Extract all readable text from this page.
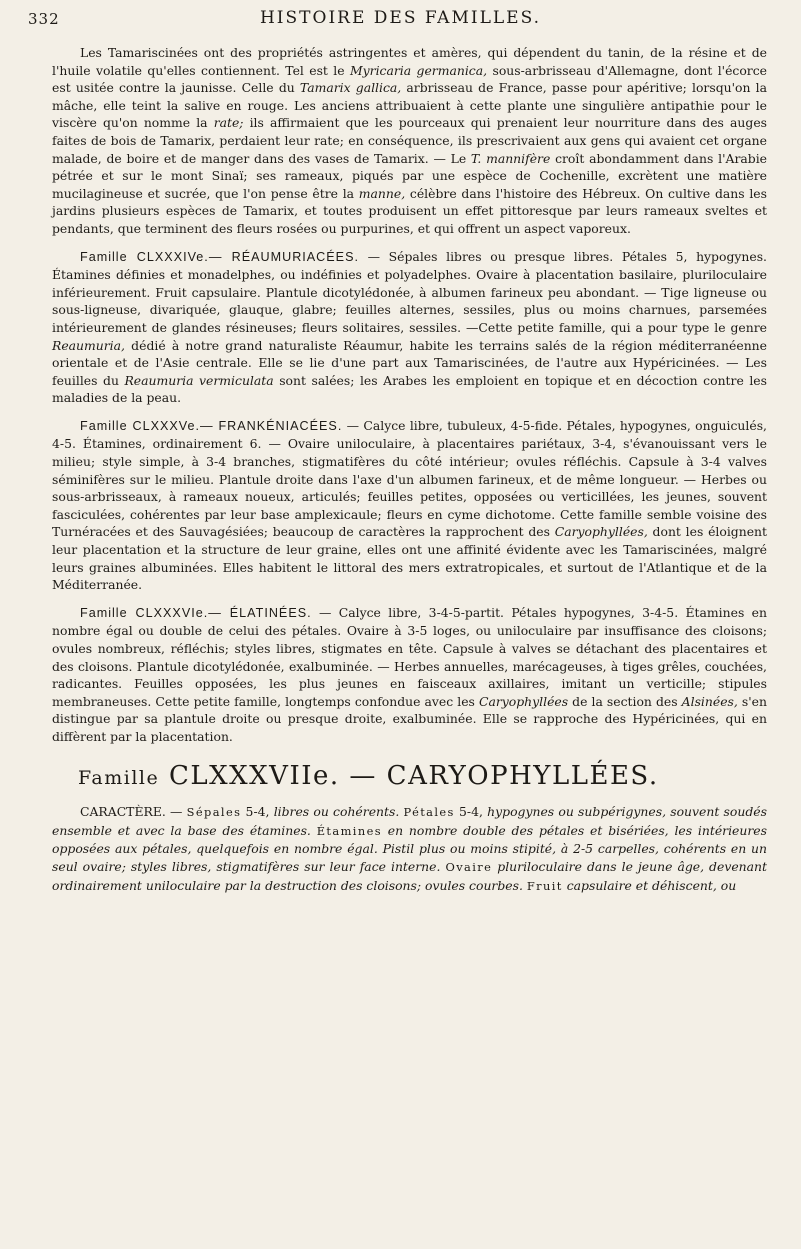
332	HISTOIRE DES FAMILLES.

Les Tamariscinées ont des propriétés astringentes et amères, qui dépendent du tanin, de la résine et de l'huile volatile qu'elles contiennent. Tel est le Myricaria germanica, sous-arbrisseau d'Allemagne, dont l'écorce est usitée contre la jaunisse. Celle du Tamarix gallica, arbrisseau de France, passe pour apéritive; lorsqu'on la mâche, elle teint la salive en rouge. Les anciens attribuaient à cette plante une singulière antipathie pour le viscère qu'on nomme la rate; ils affirmaient que les pourceaux qui prenaient leur nourriture dans des auges faites de bois de Tamarix, perdaient leur rate; en conséquence, ils prescrivaient aux gens qui avaient cet organe malade, de boire et de manger dans des vases de Tamarix. — Le T. mannifère croît abondamment dans l'Arabie pétrée et sur le mont Sinaï; ses rameaux, piqués par une espèce de Cochenille, excrètent une matière mucilagineuse et sucrée, que l'on pense être la manne, célèbre dans l'histoire des Hébreux. On cultive dans les jardins plusieurs espèces de Tamarix, et toutes produisent un effet pittoresque par leurs rameaux sveltes et pendants, que terminent des fleurs rosées ou purpurines, et qui offrent un aspect vaporeux.

Famille CLXXXIVe.— RÉAUMURIACÉES. — Sépales libres ou presque libres. Pétales 5, hypogynes. Étamines définies et monadelphes, ou indéfinies et polyadelphes. Ovaire à placentation basilaire, pluriloculaire inférieurement. Fruit capsulaire. Plantule dicotylédonée, à albumen farineux peu abondant. — Tige ligneuse ou sous-ligneuse, divariquée, glauque, glabre; feuilles alternes, sessiles, plus ou moins charnues, parsemées intérieurement de glandes résineuses; fleurs solitaires, sessiles. —Cette petite famille, qui a pour type le genre Reaumuria, dédié à notre grand naturaliste Réaumur, habite les terrains salés de la région méditerranéenne orientale et de l'Asie centrale. Elle se lie d'une part aux Tamariscinées, de l'autre aux Hypéricinées. — Les feuilles du Reaumuria vermiculata sont salées; les Arabes les emploient en topique et en décoction contre les maladies de la peau.

Famille CLXXXVe.— FRANKÉNIACÉES. — Calyce libre, tubuleux, 4-5-fide. Pétales, hypogynes, onguiculés, 4-5. Étamines, ordinairement 6. — Ovaire uniloculaire, à placentaires pariétaux, 3-4, s'évanouissant vers le milieu; style simple, à 3-4 branches, stigmatifères du côté intérieur; ovules réfléchis. Capsule à 3-4 valves séminifères sur le milieu. Plantule droite dans l'axe d'un albumen farineux, et de même longueur. — Herbes ou sous-arbrisseaux, à rameaux noueux, articulés; feuilles petites, opposées ou verticillées, les jeunes, souvent fasciculées, cohérentes par leur base amplexicaule; fleurs en cyme dichotome. Cette famille semble voisine des Turnéracées et des Sauvagésiées; beaucoup de caractères la rapprochent des Caryophyllées, dont les éloignent leur placentation et la structure de leur graine, elles ont une affinité évidente avec les Tamariscinées, malgré leurs graines albuminées. Elles habitent le littoral des mers extratropicales, et surtout de l'Atlantique et de la Méditerranée.

Famille CLXXXVIe.— ÉLATINÉES. — Calyce libre, 3-4-5-partit. Pétales hypogynes, 3-4-5. Étamines en nombre égal ou double de celui des pétales. Ovaire à 3-5 loges, ou uniloculaire par insuffisance des cloisons; ovules nombreux, réfléchis; styles libres, stigmates en tête. Capsule à valves se détachant des placentaires et des cloisons. Plantule dicotylédonée, exalbuminée. — Herbes annuelles, marécageuses, à tiges grêles, couchées, radicantes. Feuilles opposées, les plus jeunes en faisceaux axillaires, imitant un verticille; stipules membraneuses. Cette petite famille, longtemps confondue avec les Caryophyllées de la section des Alsinées, s'en distingue par sa plantule droite ou presque droite, exalbuminée. Elle se rapproche des Hypéricinées, qui en diffèrent par la placentation.

Famille CLXXXVIIe. — CARYOPHYLLÉES.

CARACTÈRE. — Sépales 5-4, libres ou cohérents. Pétales 5-4, hypogynes ou subpérigynes, souvent soudés ensemble et avec la base des étamines. Étamines en nombre double des pétales et bisériées, les intérieures opposées aux pétales, quelquefois en nombre égal. Pistil plus ou moins stipité, à 2-5 carpelles, cohérents en un seul ovaire; styles libres, stigmatifères sur leur face interne. Ovaire pluriloculaire dans le jeune âge, devenant ordinairement uniloculaire par la destruction des cloisons; ovules courbes. Fruit capsulaire et déhiscent, ou
